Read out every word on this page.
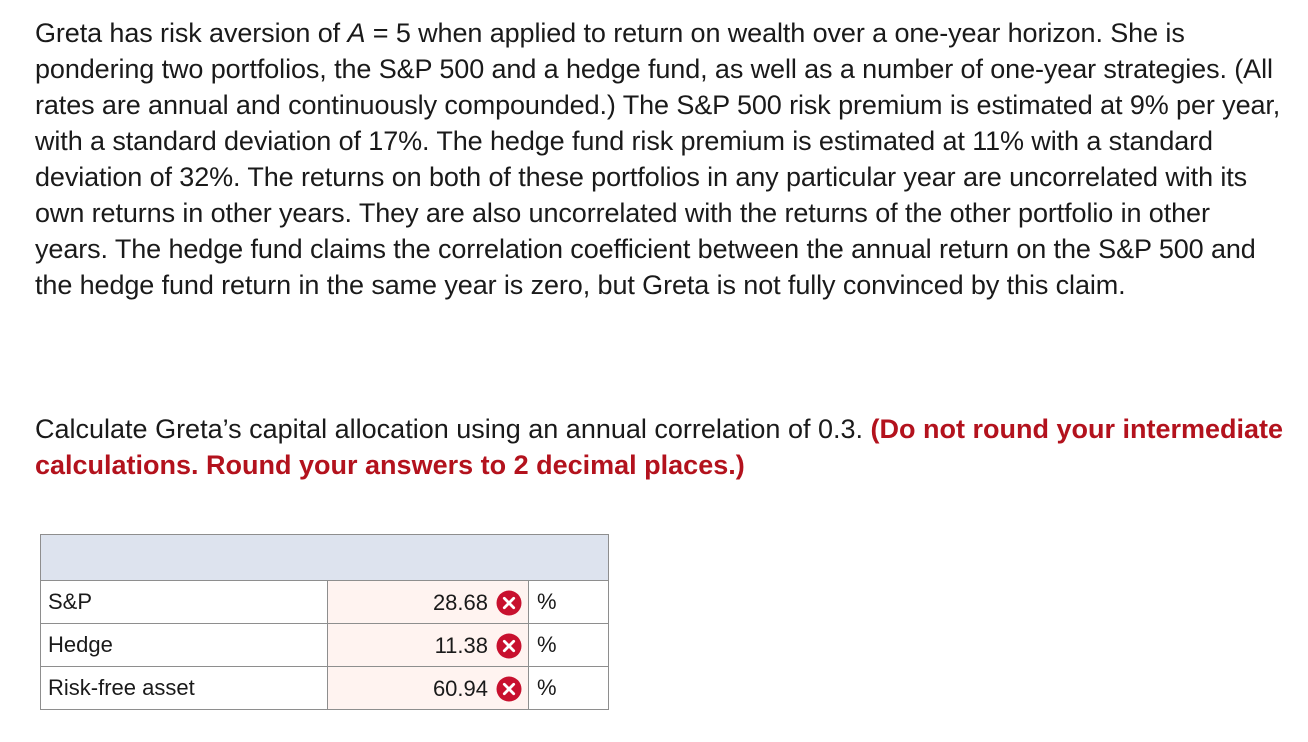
Greta has risk aversion of A = 5 when applied to return on wealth over a one-year horizon. She is pondering two portfolios, the S&P 500 and a hedge fund, as well as a number of one-year strategies. (All rates are annual and continuously compounded.) The S&P 500 risk premium is estimated at 9% per year, with a standard deviation of 17%. The hedge fund risk premium is estimated at 11% with a standard deviation of 32%. The returns on both of these portfolios in any particular year are uncorrelated with its own returns in other years. They are also uncorrelated with the returns of the other portfolio in other years. The hedge fund claims the correlation coefficient between the annual return on the S&P 500 and the hedge fund return in the same year is zero, but Greta is not fully convinced by this claim.
Calculate Greta’s capital allocation using an annual correlation of 0.3. (Do not round your intermediate calculations. Round your answers to 2 decimal places.)

S&P	28.68	%
Hedge	11.38	%
Risk-free asset	60.94	%
